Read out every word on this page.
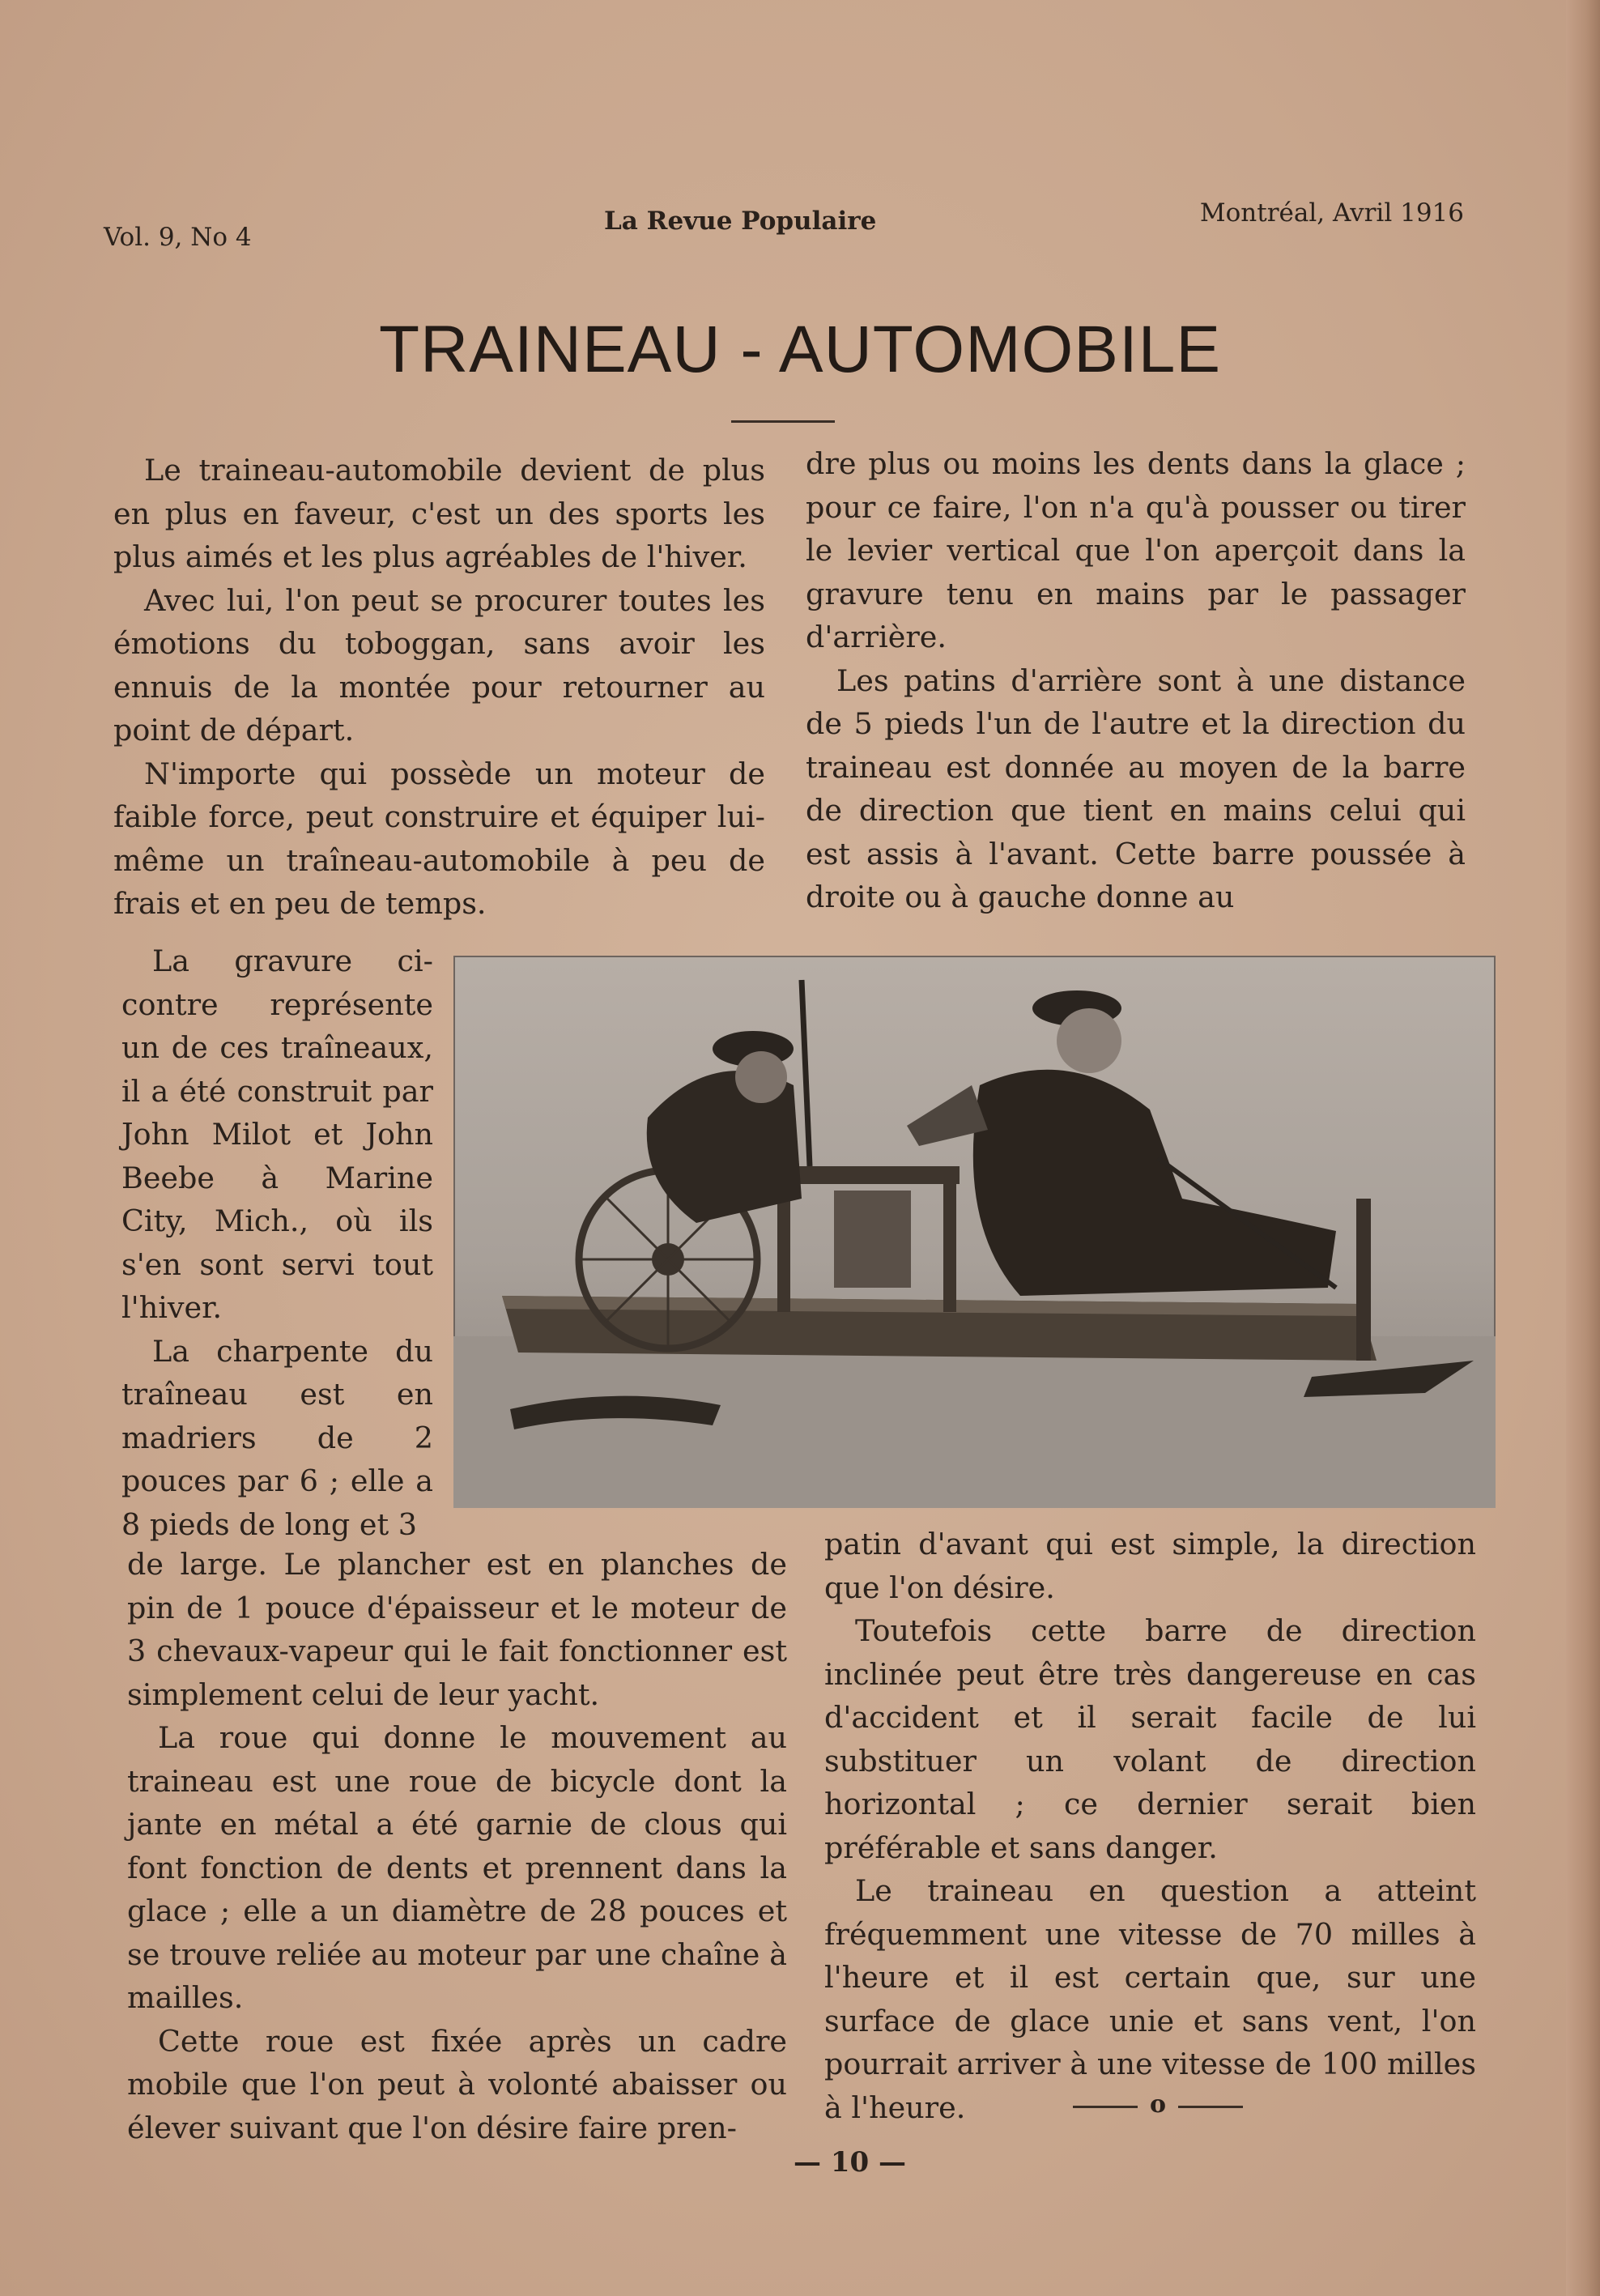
Vol. 9, No 4
La Revue Populaire	Montréal, Avril 1916
TRAINEAU - AUTOMOBILE

Le traineau-automobile devient de plus en plus en faveur, c'est un des sports les plus aimés et les plus agréables de l'hiver.

Avec lui, l'on peut se procurer toutes les émotions du toboggan, sans avoir les ennuis de la montée pour retourner au point de départ.

N'importe qui possède un moteur de faible force, peut construire et équiper lui-même un traîneau-automobile à peu de frais et en peu de temps.

dre plus ou moins les dents dans la glace ; pour ce faire, l'on n'a qu'à pousser ou tirer le levier vertical que l'on aperçoit dans la gravure tenu en mains par le passager d'arrière.

Les patins d'arrière sont à une distance de 5 pieds l'un de l'autre et la direction du traineau est donnée au moyen de la barre de direction que tient en mains celui qui est assis à l'avant. Cette barre poussée à droite ou à gauche donne au

La gravure ci-contre représente un de ces traîneaux, il a été construit par John Milot et John Beebe à Marine City, Mich., où ils s'en sont servi tout l'hiver.

La charpente du traîneau est en madriers de 2 pouces par 6 ; elle a 8 pieds de long et 3

de large. Le plancher est en planches de pin de 1 pouce d'épaisseur et le moteur de 3 chevaux-vapeur qui le fait fonctionner est simplement celui de leur yacht.

La roue qui donne le mouvement au traineau est une roue de bicycle dont la jante en métal a été garnie de clous qui font fonction de dents et prennent dans la glace ; elle a un diamètre de 28 pouces et se trouve reliée au moteur par une chaîne à mailles.

Cette roue est fixée après un cadre mobile que l'on peut à volonté abaisser ou élever suivant que l'on désire faire pren-

patin d'avant qui est simple, la direction que l'on désire.

Toutefois cette barre de direction inclinée peut être très dangereuse en cas d'accident et il serait facile de lui substituer un volant de direction horizontal ; ce dernier serait bien préférable et sans danger.

Le traineau en question a atteint fréquemment une vitesse de 70 milles à l'heure et il est certain que, sur une surface de glace unie et sans vent, l'on pourrait arriver à une vitesse de 100 milles à l'heure.	o
— 10 —
